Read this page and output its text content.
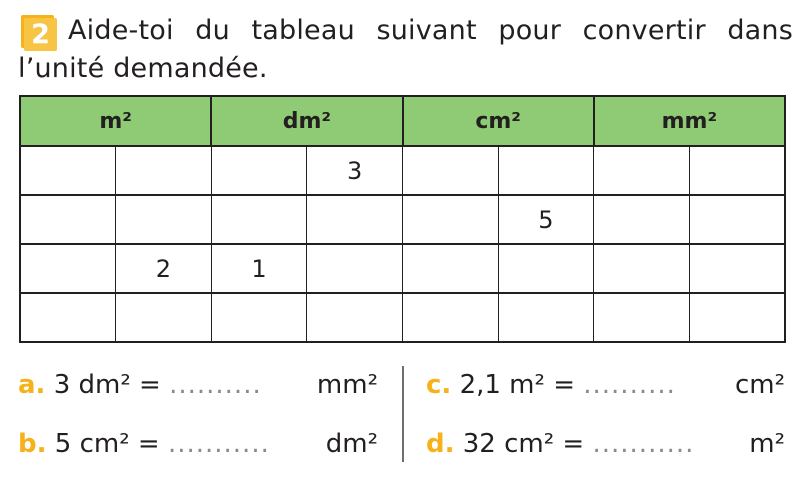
2 Aide-toi du tableau suivant pour convertir dans l’unité demandée.
m²		dm²		cm²		mm²	
			3				
					5		
	2	1					

a. 3 dm² = .......... mm²
b. 5 cm² = ........... dm²
c. 2,1 m² = .......... cm²
d. 32 cm² = ........... m²
